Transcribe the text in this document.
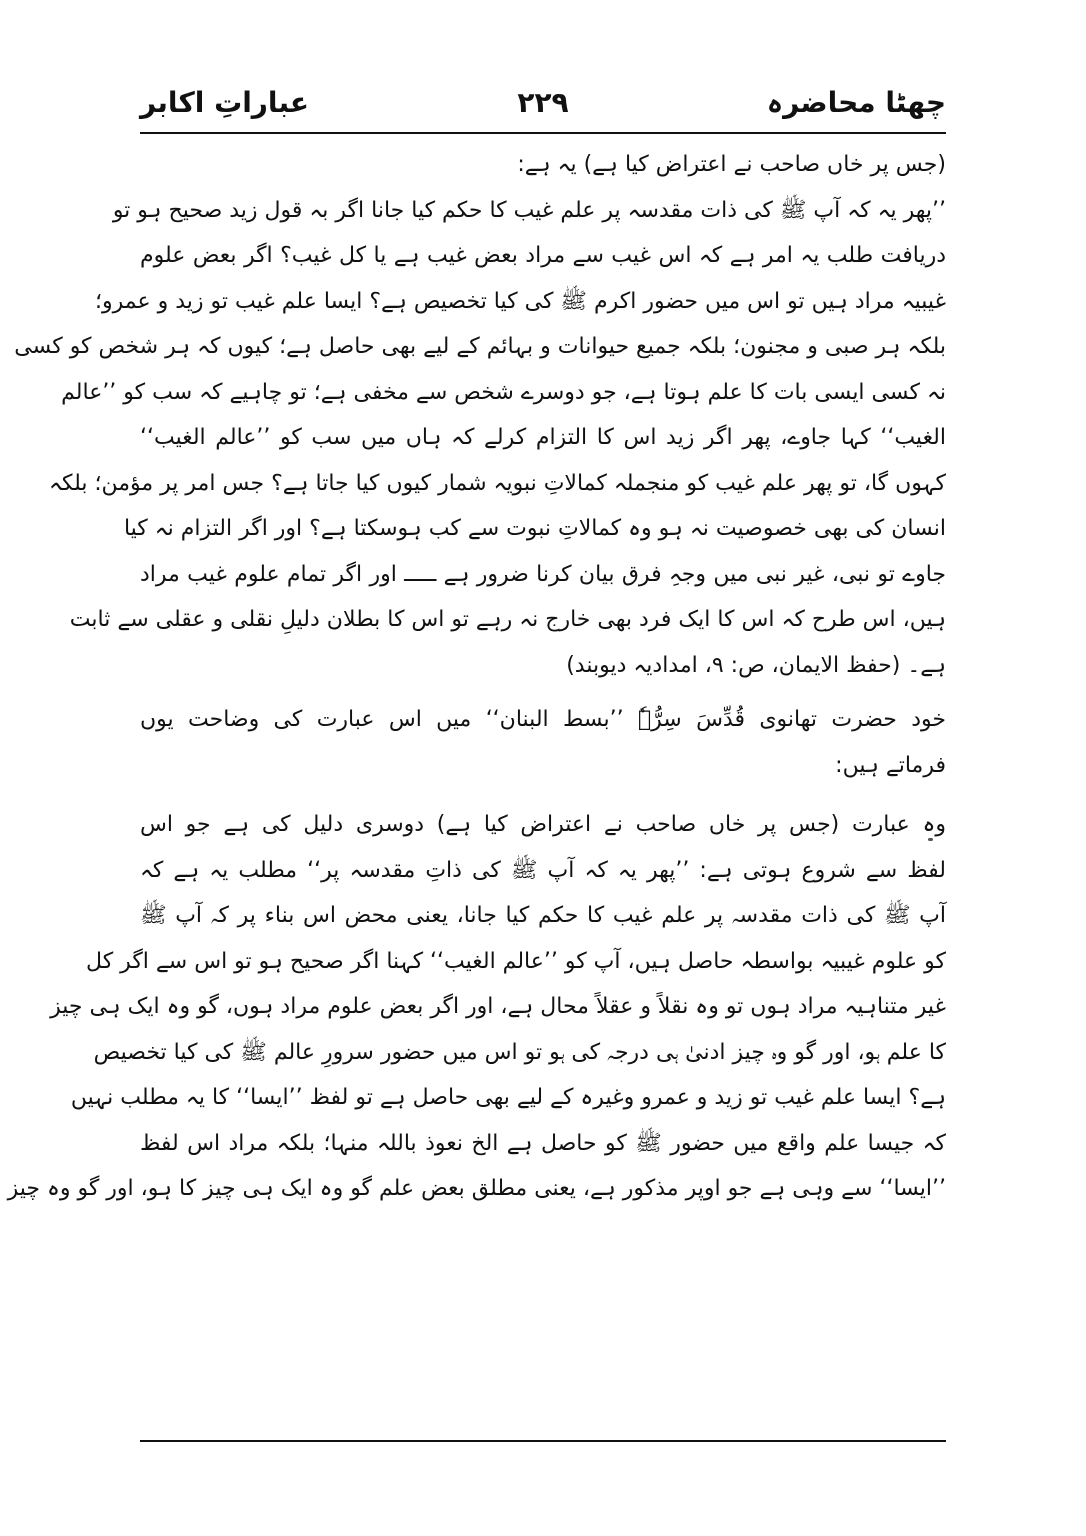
چھٹا محاضرہ
۲۲۹
عباراتِ اکابر
(جس پر خاں صاحب نے اعتراض کیا ہے) یہ ہے:
’’پھر یہ کہ آپ ﷺ کی ذات مقدسہ پر علم غیب کا حکم کیا جانا اگر بہ قول زید صحیح ہو تو
دریافت طلب یہ امر ہے کہ اس غیب سے مراد بعض غیب ہے یا کل غیب؟ اگر بعض علوم
غیبیہ مراد ہیں تو اس میں حضور اکرم ﷺ کی کیا تخصیص ہے؟ ایسا علم غیب تو زید و عمرو؛
بلکہ ہر صبی و مجنون؛ بلکہ جمیع حیوانات و بہائم کے لیے بھی حاصل ہے؛ کیوں کہ ہر شخص کو کسی
نہ کسی ایسی بات کا علم ہوتا ہے، جو دوسرے شخص سے مخفی ہے؛ تو چاہیے کہ سب کو ’’عالم
الغیب‘‘ کہا جاوے، پھر اگر زید اس کا التزام کرلے کہ ہاں میں سب کو ’’عالم الغیب‘‘
کہوں گا، تو پھر علم غیب کو منجملہ کمالاتِ نبویہ شمار کیوں کیا جاتا ہے؟ جس امر پر مؤمن؛ بلکہ
انسان کی بھی خصوصیت نہ ہو وہ کمالاتِ نبوت سے کب ہوسکتا ہے؟ اور اگر التزام نہ کیا
جاوے تو نبی، غیر نبی میں وجہِ فرق بیان کرنا ضرور ہے ـــــ اور اگر تمام علوم غیب مراد
ہیں، اس طرح کہ اس کا ایک فرد بھی خارج نہ رہے تو اس کا بطلان دلیلِ نقلی و عقلی سے ثابت
ہے۔ (حفظ الایمان، ص: ۹، امدادیہ دیوبند)
خود حضرت تھانوی قُدِّسَ سِرُّہٗ ’’بسط البنان‘‘ میں اس عبارت کی وضاحت یوں
فرماتے ہیں:
وہ عبارت (جس پر خاں صاحب نے اعتراض کیا ہے) دوسری دلیل کی ہے جو اس
لفظ سے شروع ہوتی ہے: ’’پھر یہ کہ آپ ﷺ کی ذاتِ مقدسہ پر‘‘ مطلب یہ ہے کہ
آپ ﷺ کی ذات مقدسہ پر علم غیب کا حکم کیا جانا، یعنی محض اس بناء پر کہ آپ ﷺ
کو علوم غیبیہ بواسطہ حاصل ہیں، آپ کو ’’عالم الغیب‘‘ کہنا اگر صحیح ہو تو اس سے اگر کل
غیر متناہیہ مراد ہوں تو وہ نقلاً و عقلاً محال ہے، اور اگر بعض علوم مراد ہوں، گو وہ ایک ہی چیز
کا علم ہو، اور گو وہ چیز ادنیٰ ہی درجہ کی ہو تو اس میں حضور سرورِ عالم ﷺ کی کیا تخصیص
ہے؟ ایسا علم غیب تو زید و عمرو وغیرہ کے لیے بھی حاصل ہے تو لفظ ’’ایسا‘‘ کا یہ مطلب نہیں
کہ جیسا علم واقع میں حضور ﷺ کو حاصل ہے الخ نعوذ باللہ منہا؛ بلکہ مراد اس لفظ
’’ایسا‘‘ سے وہی ہے جو اوپر مذکور ہے، یعنی مطلق بعض علم گو وہ ایک ہی چیز کا ہو، اور گو وہ چیز
